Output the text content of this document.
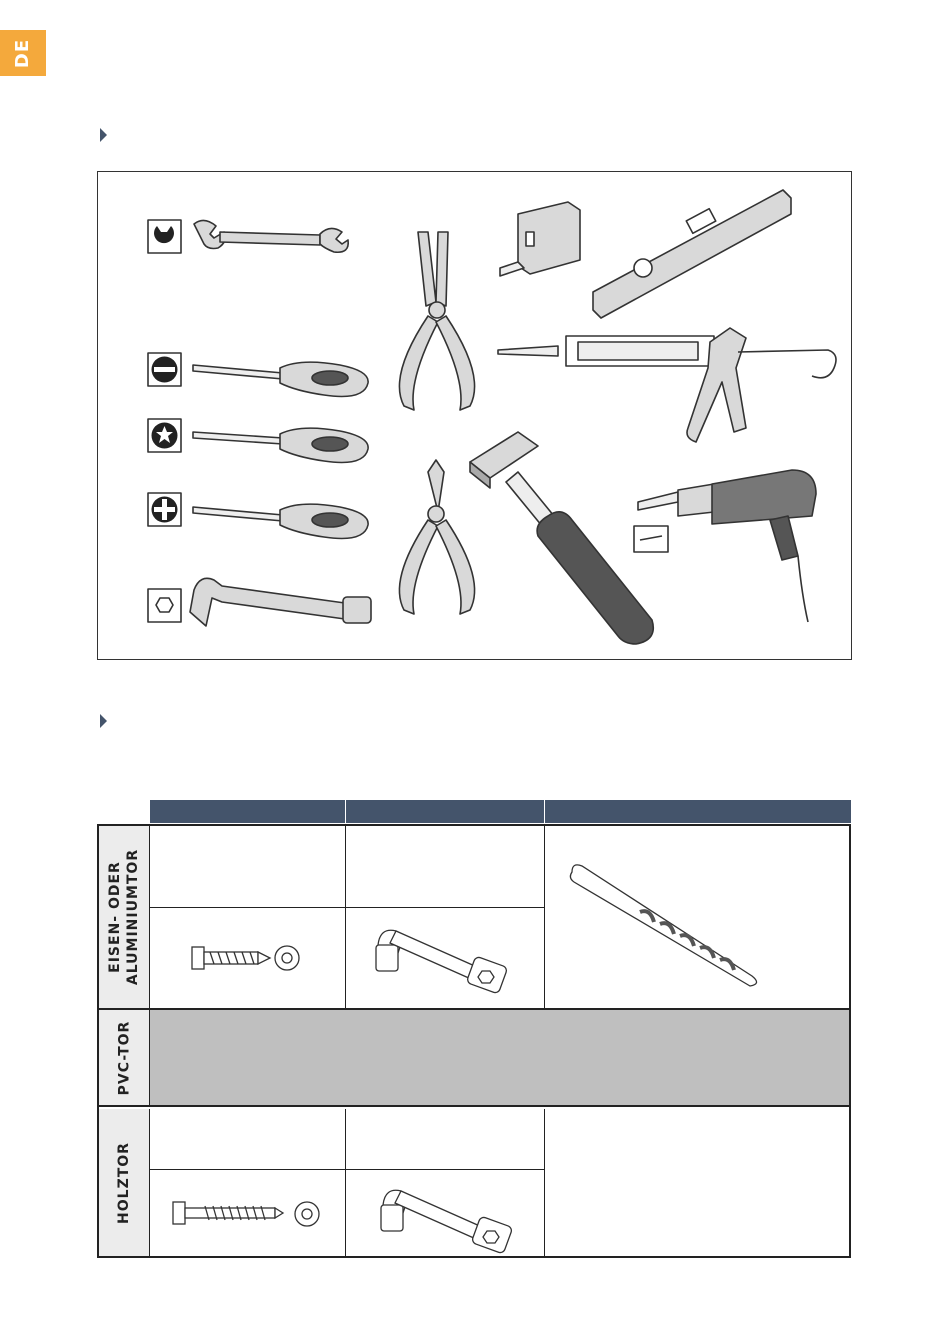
DE
EISEN- ODER ALUMINIUMTOR
PVC-TOR
HOLZTOR
